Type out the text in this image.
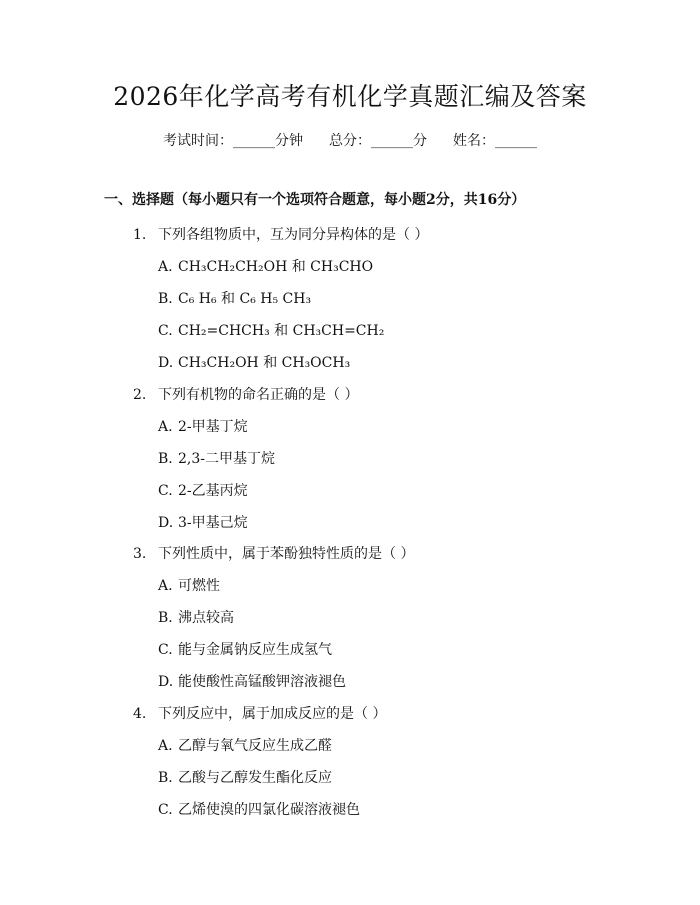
2026年化学高考有机化学真题汇编及答案
考试时间：______分钟 总分：______分 姓名：______
一、选择题（每小题只有一个选项符合题意，每小题2分，共16分）
1. 下列各组物质中，互为同分异构体的是（ ）
A. CH₃CH₂CH₂OH 和 CH₃CHO
B. C₆ H₆ 和 C₆ H₅ CH₃
C. CH₂=CHCH₃ 和 CH₃CH=CH₂
D. CH₃CH₂OH 和 CH₃OCH₃
2. 下列有机物的命名正确的是（ ）
A. 2-甲基丁烷
B. 2,3-二甲基丁烷
C. 2-乙基丙烷
D. 3-甲基己烷
3. 下列性质中，属于苯酚独特性质的是（ ）
A. 可燃性
B. 沸点较高
C. 能与金属钠反应生成氢气
D. 能使酸性高锰酸钾溶液褪色
4. 下列反应中，属于加成反应的是（ ）
A. 乙醇与氧气反应生成乙醛
B. 乙酸与乙醇发生酯化反应
C. 乙烯使溴的四氯化碳溶液褪色
